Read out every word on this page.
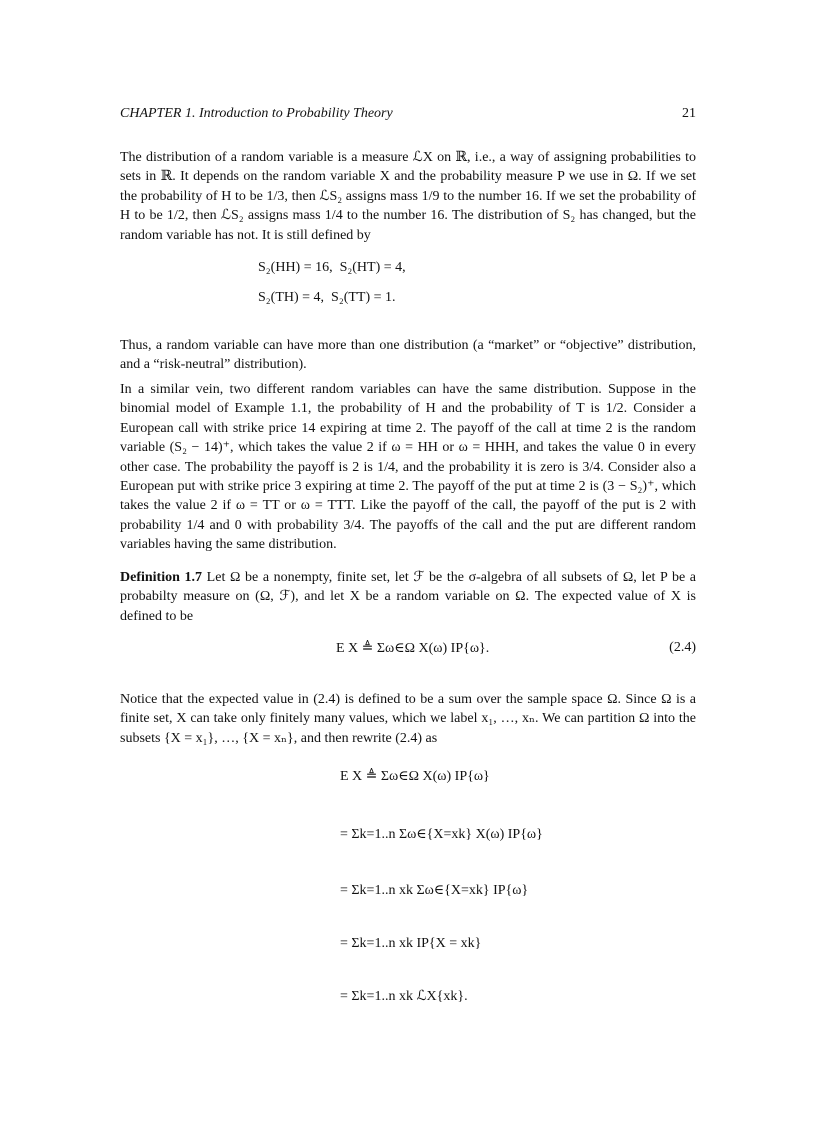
CHAPTER 1. Introduction to Probability Theory	21

The distribution of a random variable is a measure ℒX on ℝ, i.e., a way of assigning probabilities to sets in ℝ. It depends on the random variable X and the probability measure P we use in Ω. If we set the probability of H to be 1/3, then ℒS₂ assigns mass 1/9 to the number 16. If we set the probability of H to be 1/2, then ℒS₂ assigns mass 1/4 to the number 16. The distribution of S₂ has changed, but the random variable has not. It is still defined by

S₂(HH) = 16,  S₂(HT) = 4,
S₂(TH) = 4,  S₂(TT) = 1.

Thus, a random variable can have more than one distribution (a “market” or “objective” distribution, and a “risk-neutral” distribution).

In a similar vein, two different random variables can have the same distribution. Suppose in the binomial model of Example 1.1, the probability of H and the probability of T is 1/2. Consider a European call with strike price 14 expiring at time 2. The payoff of the call at time 2 is the random variable (S₂ − 14)⁺, which takes the value 2 if ω = HH or ω = HHH, and takes the value 0 in every other case. The probability the payoff is 2 is 1/4, and the probability it is zero is 3/4. Consider also a European put with strike price 3 expiring at time 2. The payoff of the put at time 2 is (3 − S₂)⁺, which takes the value 2 if ω = TT or ω = TTT. Like the payoff of the call, the payoff of the put is 2 with probability 1/4 and 0 with probability 3/4. The payoffs of the call and the put are different random variables having the same distribution.

Definition 1.7 Let Ω be a nonempty, finite set, let ℱ be the σ-algebra of all subsets of Ω, let P be a probabilty measure on (Ω, ℱ), and let X be a random variable on Ω. The expected value of X is defined to be

E X ≜ Σω∈Ω X(ω) IP{ω}.	(2.4)

Notice that the expected value in (2.4) is defined to be a sum over the sample space Ω. Since Ω is a finite set, X can take only finitely many values, which we label x₁, …, xₙ. We can partition Ω into the subsets {X = x₁}, …, {X = xₙ}, and then rewrite (2.4) as

E X ≜ Σω∈Ω X(ω) IP{ω}
= Σk=1..n Σω∈{X=xk} X(ω) IP{ω}
= Σk=1..n xk Σω∈{X=xk} IP{ω}
= Σk=1..n xk IP{X = xk}
= Σk=1..n xk ℒX{xk}.
